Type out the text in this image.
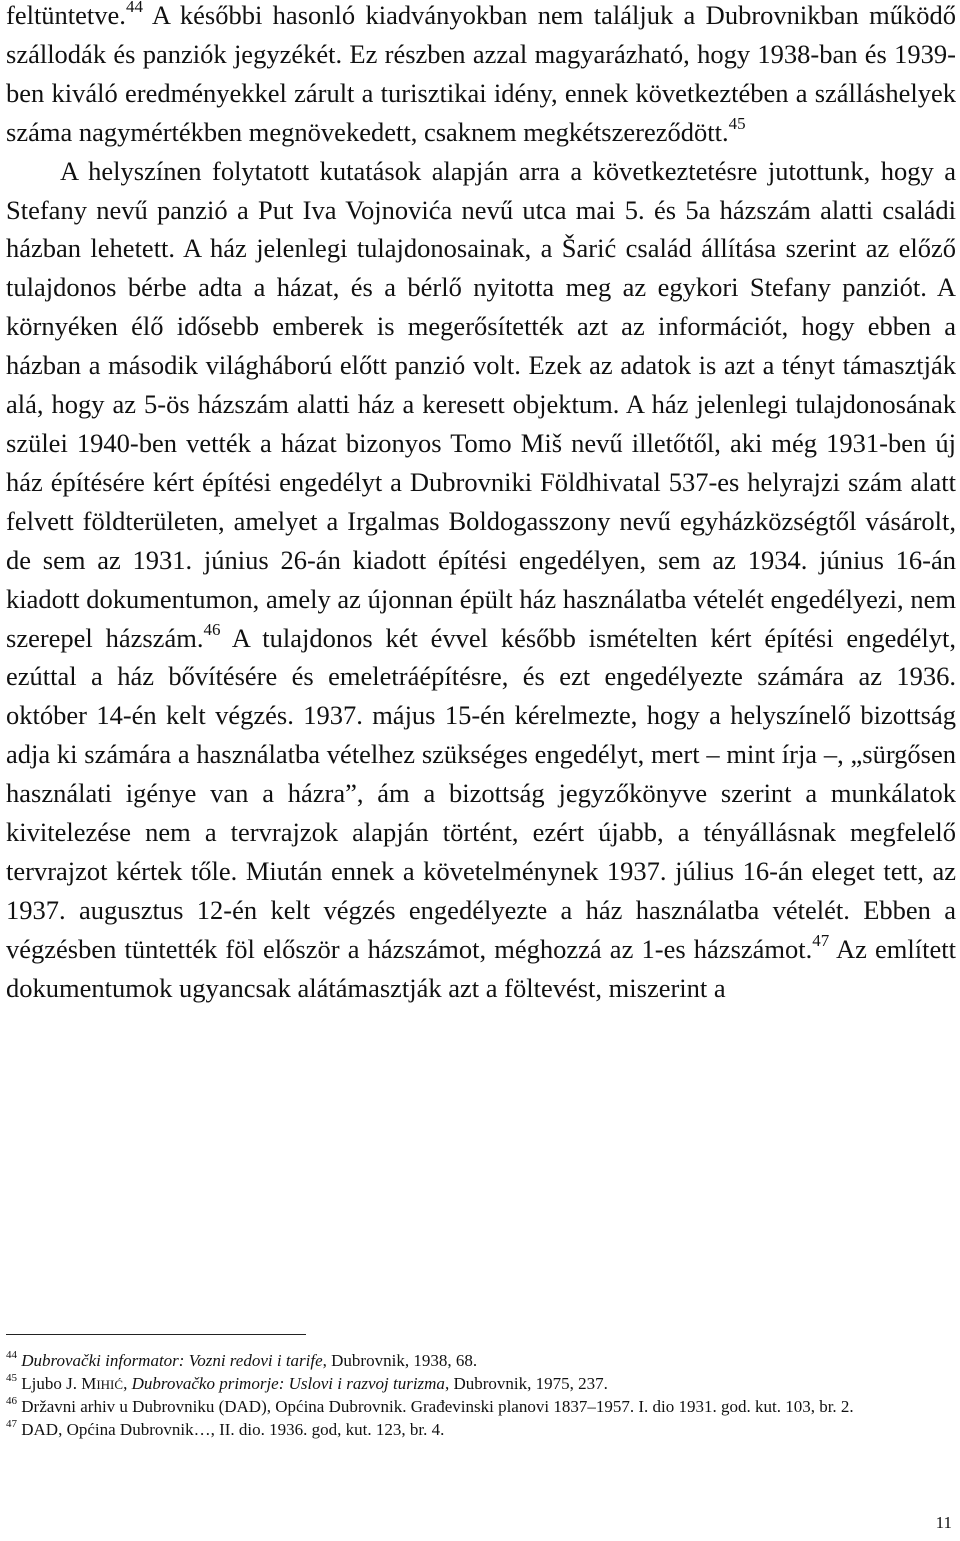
feltüntetve.$^{44}$ A későbbi hasonló kiadványokban nem találjuk a Dubrovnikban működő szállodák és panziók jegyzékét. Ez részben azzal magyarázható, hogy 1938-ban és 1939-ben kiváló eredményekkel zárult a turisztikai idény, ennek következtében a szálláshelyek száma nagymértékben megnövekedett, csaknem megkétszereződött.$^{45}$

A helyszínen folytatott kutatások alapján arra a következtetésre jutottunk, hogy a Stefany nevű panzió a Put Iva Vojnovića nevű utca mai 5. és 5a házszám alatti családi házban lehetett. A ház jelenlegi tulajdonosainak, a Šarić család állítása szerint az előző tulajdonos bérbe adta a házat, és a bérlő nyitotta meg az egykori Stefany panziót. A környéken élő idősebb emberek is megerősítették azt az információt, hogy ebben a házban a második világháború előtt panzió volt. Ezek az adatok is azt a tényt támasztják alá, hogy az 5-ös házszám alatti ház a keresett objektum. A ház jelenlegi tulajdonosának szülei 1940-ben vették a házat bizonyos Tomo Miš nevű illetőtől, aki még 1931-ben új ház építésére kért építési engedélyt a Dubrovniki Földhivatal 537-es helyrajzi szám alatt felvett földterületen, amelyet a Irgalmas Boldogasszony nevű egyházközségtől vásárolt, de sem az 1931. június 26-án kiadott építési engedélyen, sem az 1934. június 16-án kiadott dokumentumon, amely az újonnan épült ház használatba vételét engedélyezi, nem szerepel házszám.$^{46}$ A tulajdonos két évvel később ismételten kért építési engedélyt, ezúttal a ház bővítésére és emeletráépítésre, és ezt engedélyezte számára az 1936. október 14-én kelt végzés. 1937. május 15-én kérelmezte, hogy a helyszínelő bizottság adja ki számára a használatba vételhez szükséges engedélyt, mert – mint írja –, „sürgősen használati igénye van a házra”, ám a bizottság jegyzőkönyve szerint a munkálatok kivitelezése nem a tervrajzok alapján történt, ezért újabb, a tényállásnak megfelelő tervrajzot kértek tőle. Miután ennek a követelménynek 1937. július 16-án eleget tett, az 1937. augusztus 12-én kelt végzés engedélyezte a ház használatba vételét. Ebben a végzésben tüntették föl először a házszámot, méghozzá az 1-es házszámot.$^{47}$ Az említett dokumentumok ugyancsak alátámasztják azt a föltevést, miszerint a

$^{44}$ Dubrovački informator: Vozni redovi i tarife, Dubrovnik, 1938, 68.

$^{45}$ Ljubo J. MIHIĆ, Dubrovačko primorje: Uslovi i razvoj turizma, Dubrovnik, 1975, 237.

$^{46}$ Državni arhiv u Dubrovniku (DAD), Općina Dubrovnik. Građevinski planovi 1837–1957. I. dio 1931. god. kut. 103, br. 2.

$^{47}$ DAD, Općina Dubrovnik…, II. dio. 1936. god, kut. 123, br. 4.

11
